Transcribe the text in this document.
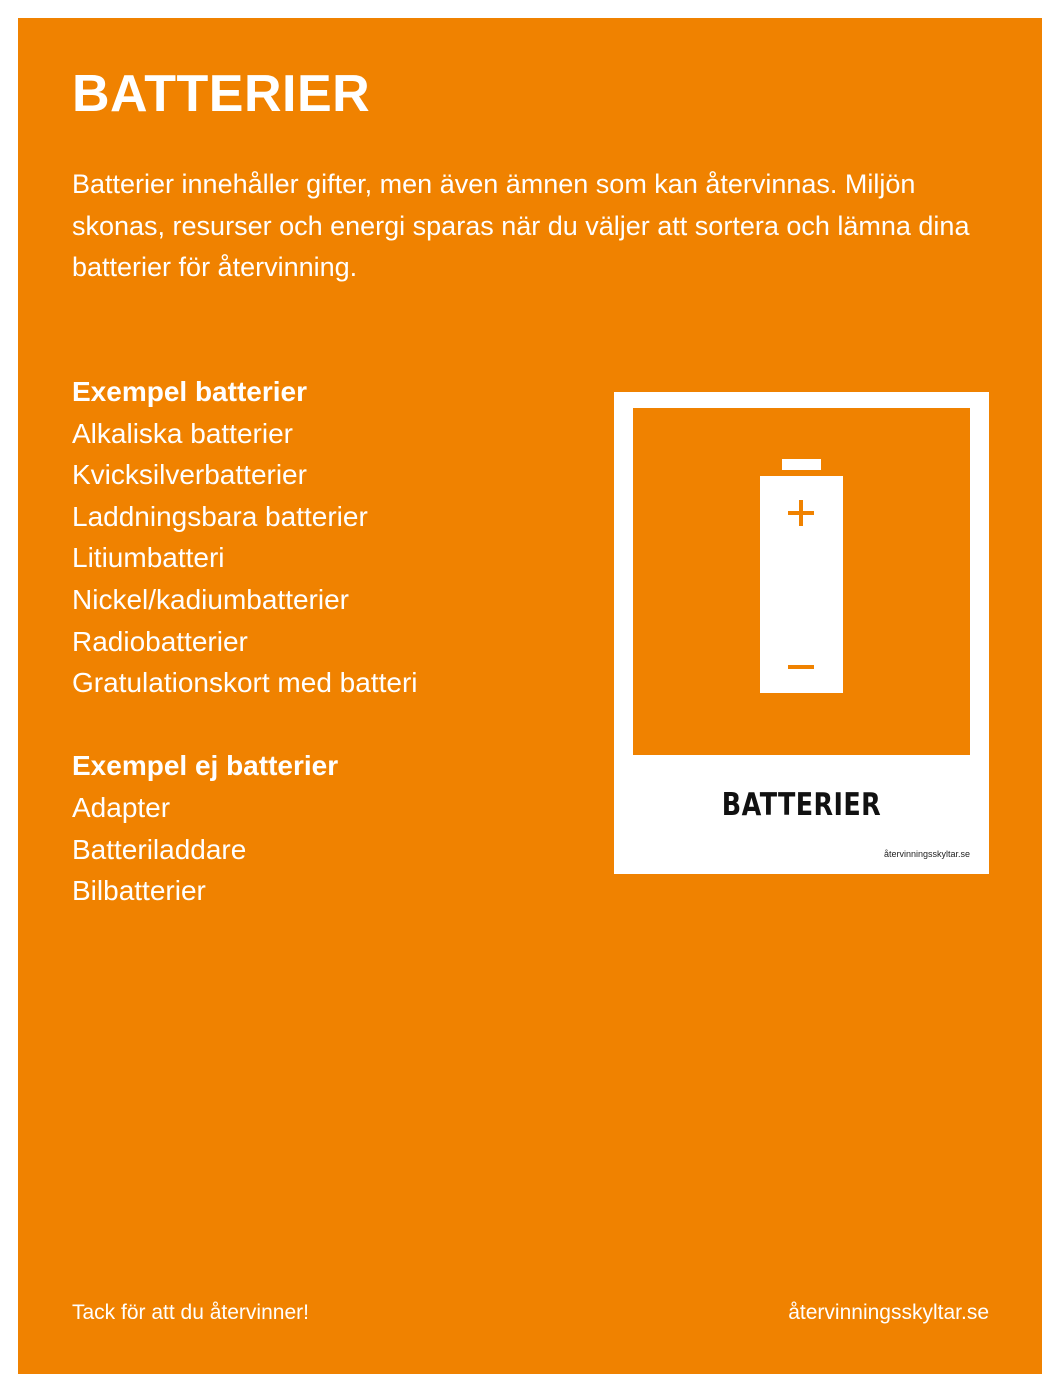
BATTERIER

Batterier innehåller gifter, men även ämnen som kan återvinnas. Miljön skonas, resurser och energi sparas när du väljer att sortera och lämna dina batterier för återvinning.

Exempel batterier
Alkaliska batterier
Kvicksilverbatterier
Laddningsbara batterier
Litiumbatteri
Nickel/kadiumbatterier
Radiobatterier
Gratulationskort med batteri
Exempel ej batterier
Adapter
Batteriladdare
Bilbatterier
BATTERIER
återvinningsskyltar.se
Tack för att du återvinner!	återvinningsskyltar.se
